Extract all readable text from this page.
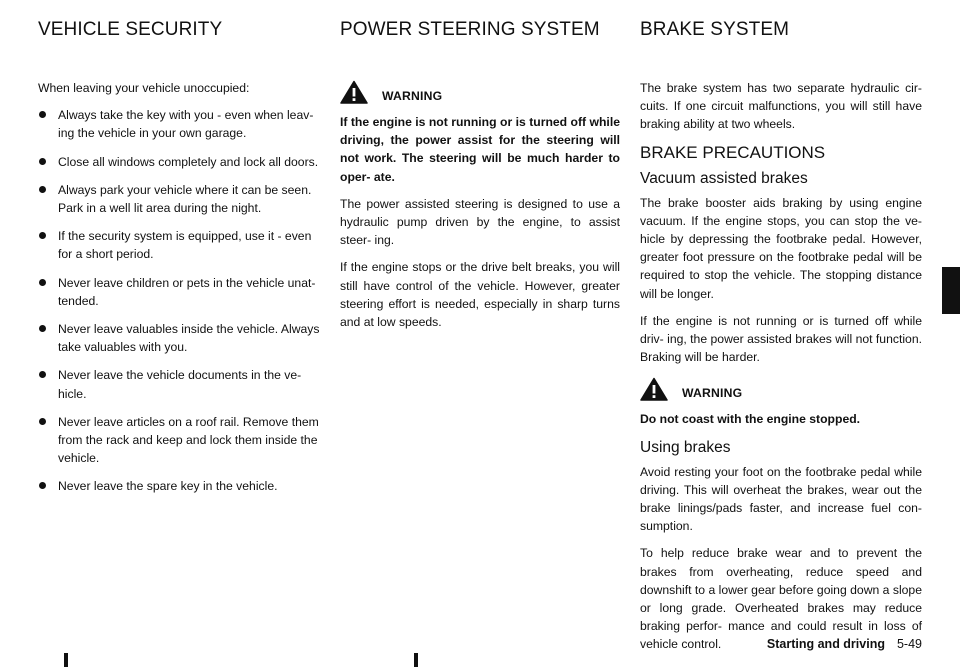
VEHICLE SECURITY

When leaving your vehicle unoccupied:

Always take the key with you - even when leav- ing the vehicle in your own garage.
Close all windows completely and lock all doors.
Always park your vehicle where it can be seen. Park in a well lit area during the night.
If the security system is equipped, use it - even for a short period.
Never leave children or pets in the vehicle unat- tended.
Never leave valuables inside the vehicle. Always take valuables with you.
Never leave the vehicle documents in the ve- hicle.
Never leave articles on a roof rail. Remove them from the rack and keep and lock them inside the vehicle.
Never leave the spare key in the vehicle.
POWER STEERING SYSTEM
WARNING

If the engine is not running or is turned off while driving, the power assist for the steering will not work. The steering will be much harder to oper- ate.

The power assisted steering is designed to use a hydraulic pump driven by the engine, to assist steer- ing.

If the engine stops or the drive belt breaks, you will still have control of the vehicle. However, greater steering effort is needed, especially in sharp turns and at low speeds.

BRAKE SYSTEM

The brake system has two separate hydraulic cir- cuits. If one circuit malfunctions, you will still have braking ability at two wheels.

BRAKE PRECAUTIONS
Vacuum assisted brakes

The brake booster aids braking by using engine vacuum. If the engine stops, you can stop the ve- hicle by depressing the footbrake pedal. However, greater foot pressure on the footbrake pedal will be required to stop the vehicle. The stopping distance will be longer.

If the engine is not running or is turned off while driv- ing, the power assisted brakes will not function. Braking will be harder.

WARNING

Do not coast with the engine stopped.

Using brakes

Avoid resting your foot on the footbrake pedal while driving. This will overheat the brakes, wear out the brake linings/pads faster, and increase fuel con- sumption.

To help reduce brake wear and to prevent the brakes from overheating, reduce speed and downshift to a lower gear before going down a slope or long grade. Overheated brakes may reduce braking perfor- mance and could result in loss of vehicle control.	Starting and driving 5-49
